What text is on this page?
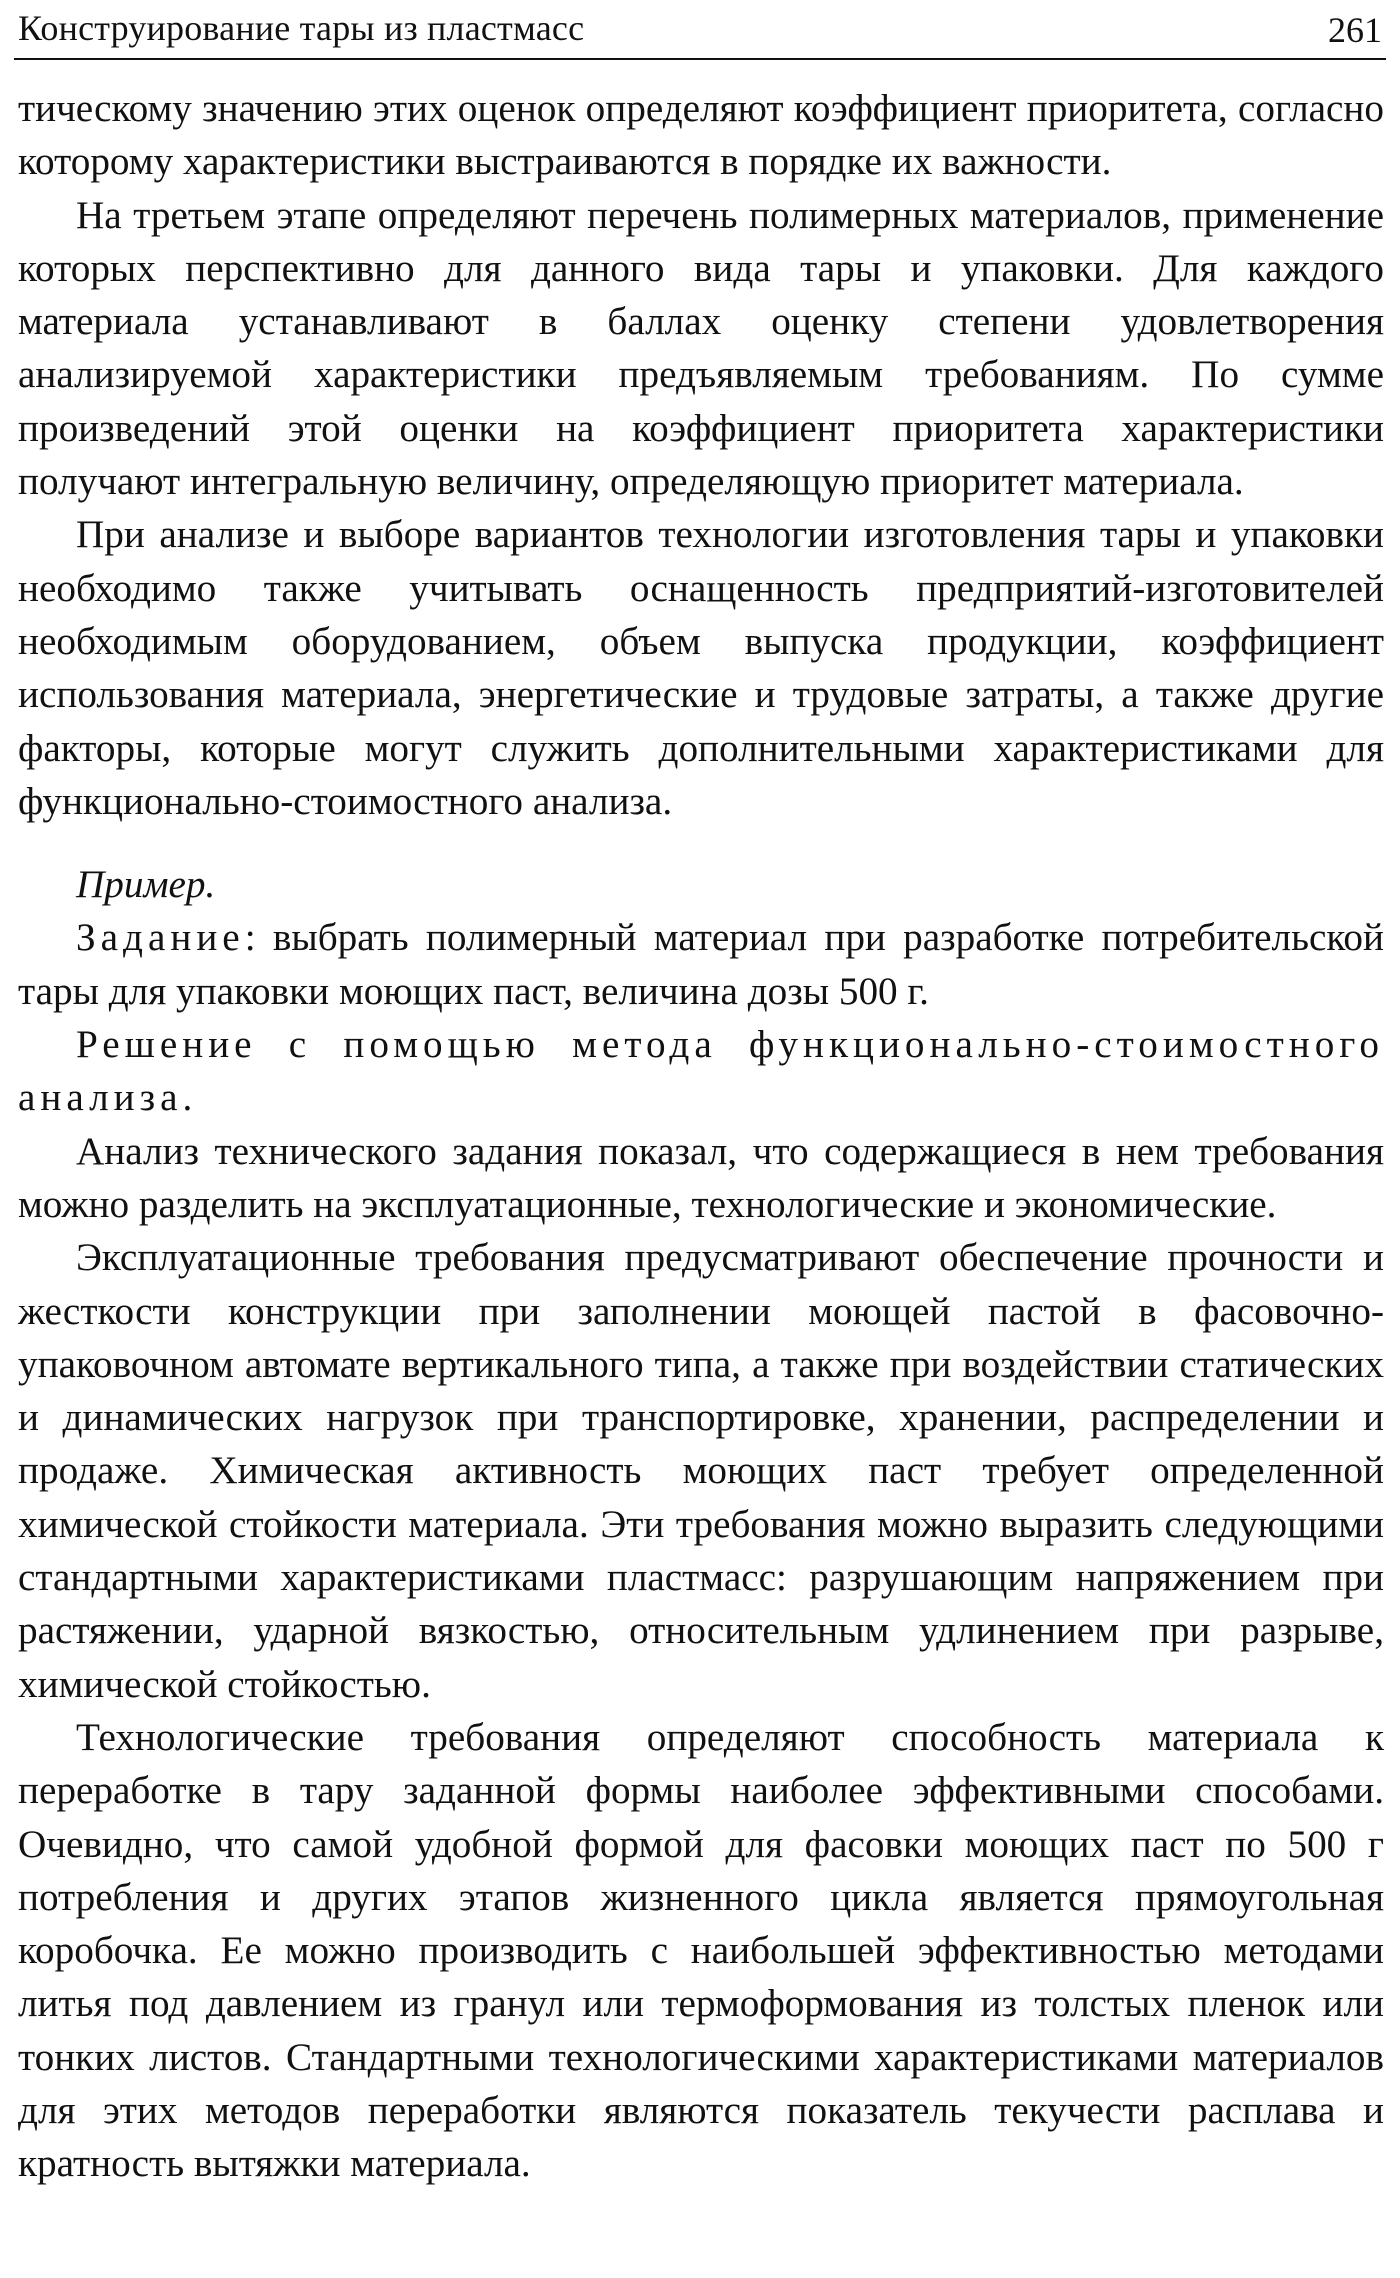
Конструирование тары из пластмасс	261

тическому значению этих оценок определяют коэффициент приоритета, согласно которому характеристики выстраиваются в порядке их важности.

На третьем этапе определяют перечень полимерных материалов, применение которых перспективно для данного вида тары и упаковки. Для каждого материала устанавливают в баллах оценку степени удовлетворения анализируемой характеристики предъявляемым требованиям. По сумме произведений этой оценки на коэффициент приоритета характеристики получают интегральную величину, определяющую приоритет материала.

При анализе и выборе вариантов технологии изготовления тары и упаковки необходимо также учитывать оснащенность предприятий-изготовителей необходимым оборудованием, объем выпуска продукции, коэффициент использования материала, энергетические и трудовые затраты, а также другие факторы, которые могут служить дополнительными характеристиками для функционально-стоимостного анализа.

Пример.

Задание: выбрать полимерный материал при разработке потребительской тары для упаковки моющих паст, величина дозы 500 г.

Решение с помощью метода функционально-стоимостного анализа.

Анализ технического задания показал, что содержащиеся в нем требования можно разделить на эксплуатационные, технологические и экономические.

Эксплуатационные требования предусматривают обеспечение прочности и жесткости конструкции при заполнении моющей пастой в фасовочно-упаковочном автомате вертикального типа, а также при воздействии статических и динамических нагрузок при транспортировке, хранении, распределении и продаже. Химическая активность моющих паст требует определенной химической стойкости материала. Эти требования можно выразить следующими стандартными характеристиками пластмасс: разрушающим напряжением при растяжении, ударной вязкостью, относительным удлинением при разрыве, химической стойкостью.

Технологические требования определяют способность материала к переработке в тару заданной формы наиболее эффективными способами. Очевидно, что самой удобной формой для фасовки моющих паст по 500 г потребления и других этапов жизненного цикла является прямоугольная коробочка. Ее можно производить с наибольшей эффективностью методами литья под давлением из гранул или термоформования из толстых пленок или тонких листов. Стандартными технологическими характеристиками материалов для этих методов переработки являются показатель текучести расплава и кратность вытяжки материала.
